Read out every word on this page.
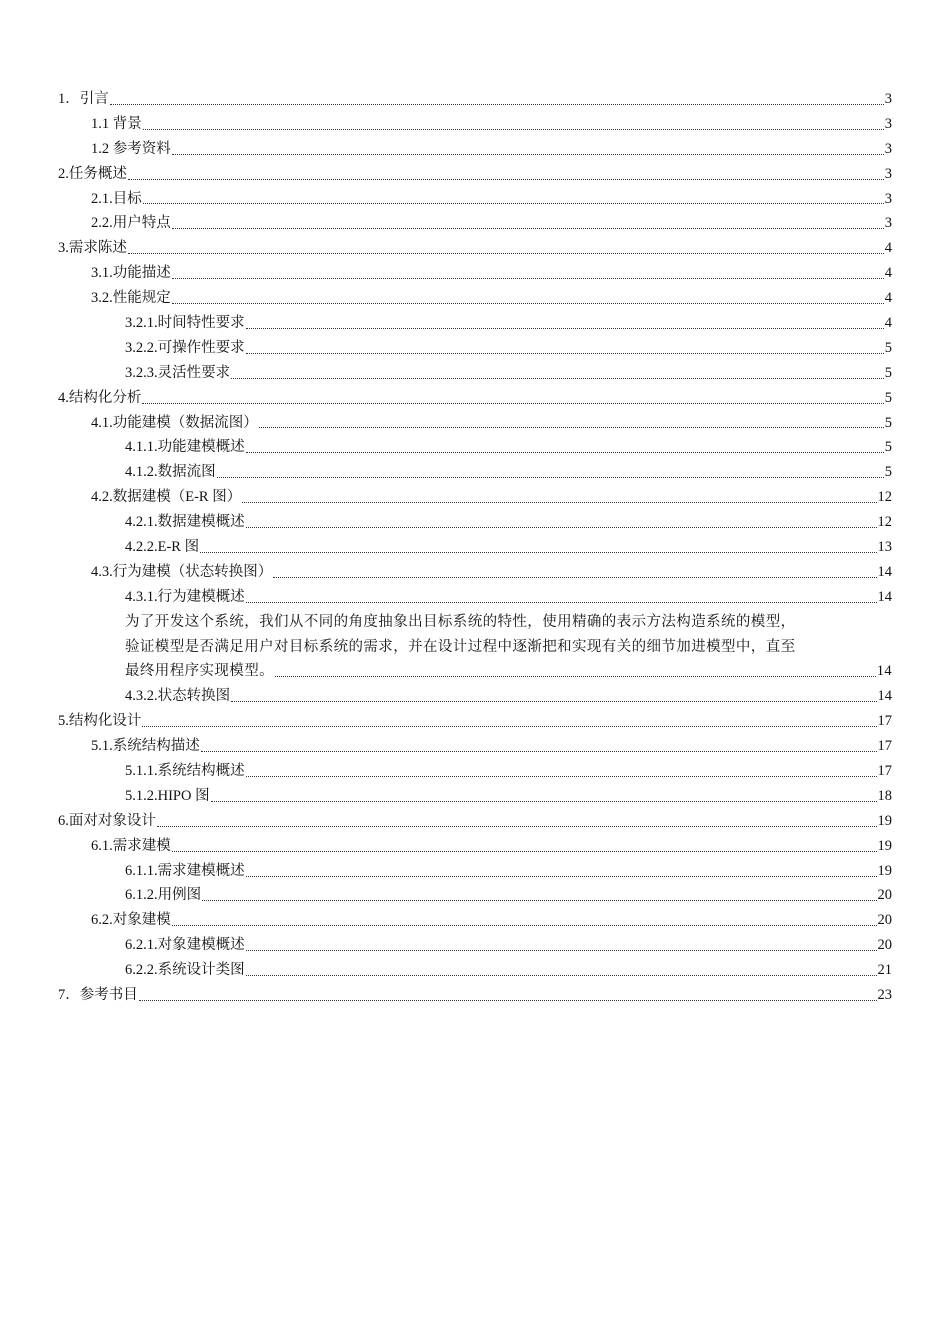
1．引言	3
1.1 背景	3
1.2 参考资料	3
2.任务概述	3
2.1.目标	3
2.2.用户特点	3
3.需求陈述	4
3.1.功能描述	4
3.2.性能规定	4
3.2.1.时间特性要求	4
3.2.2.可操作性要求	5
3.2.3.灵活性要求	5
4.结构化分析	5
4.1.功能建模（数据流图）	5
4.1.1.功能建模概述	5
4.1.2.数据流图	5
4.2.数据建模（E-R 图）	12
4.2.1.数据建模概述	12
4.2.2.E-R 图	13
4.3.行为建模（状态转换图）	14
4.3.1.行为建模概述	14
为了开发这个系统，我们从不同的角度抽象出目标系统的特性，使用精确的表示方法构造系统的模型，
验证模型是否满足用户对目标系统的需求，并在设计过程中逐渐把和实现有关的细节加进模型中，直至
最终用程序实现模型。	14
4.3.2.状态转换图	14
5.结构化设计	17
5.1.系统结构描述	17
5.1.1.系统结构概述	17
5.1.2.HIPO 图	18
6.面对对象设计	19
6.1.需求建模	19
6.1.1.需求建模概述	19
6.1.2.用例图	20
6.2.对象建模	20
6.2.1.对象建模概述	20
6.2.2.系统设计类图	21
7．参考书目	23
